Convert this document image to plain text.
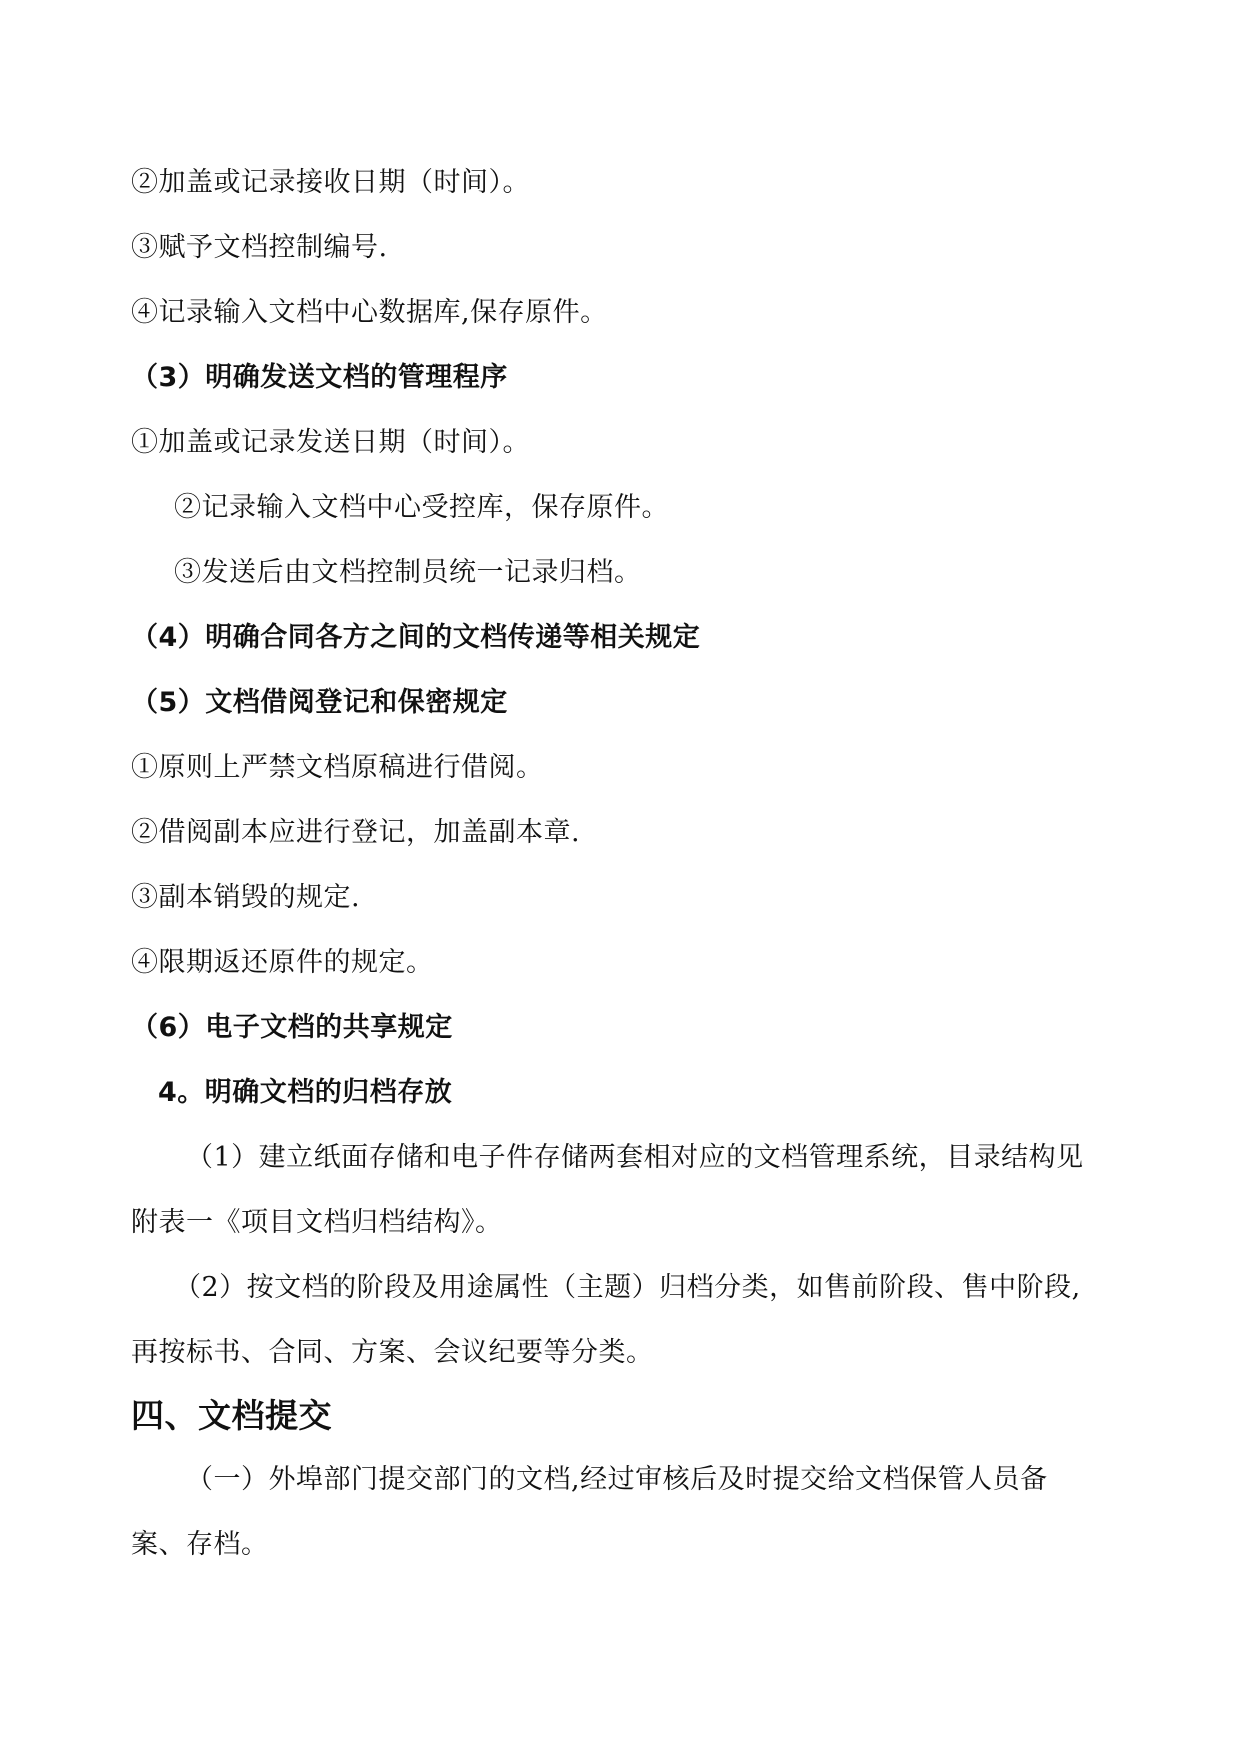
②加盖或记录接收日期（时间）。
③赋予文档控制编号.
④记录输入文档中心数据库,保存原件。
（3）明确发送文档的管理程序
①加盖或记录发送日期（时间）。
②记录输入文档中心受控库，保存原件。
③发送后由文档控制员统一记录归档。
（4）明确合同各方之间的文档传递等相关规定
（5）文档借阅登记和保密规定
①原则上严禁文档原稿进行借阅。
②借阅副本应进行登记，加盖副本章.
③副本销毁的规定.
④限期返还原件的规定。
（6）电子文档的共享规定
4。明确文档的归档存放
（1）建立纸面存储和电子件存储两套相对应的文档管理系统，目录结构见
附表一《项目文档归档结构》。
（2）按文档的阶段及用途属性（主题）归档分类，如售前阶段、售中阶段,
再按标书、合同、方案、会议纪要等分类。
四、文档提交
（一）外埠部门提交部门的文档,经过审核后及时提交给文档保管人员备
案、存档。
